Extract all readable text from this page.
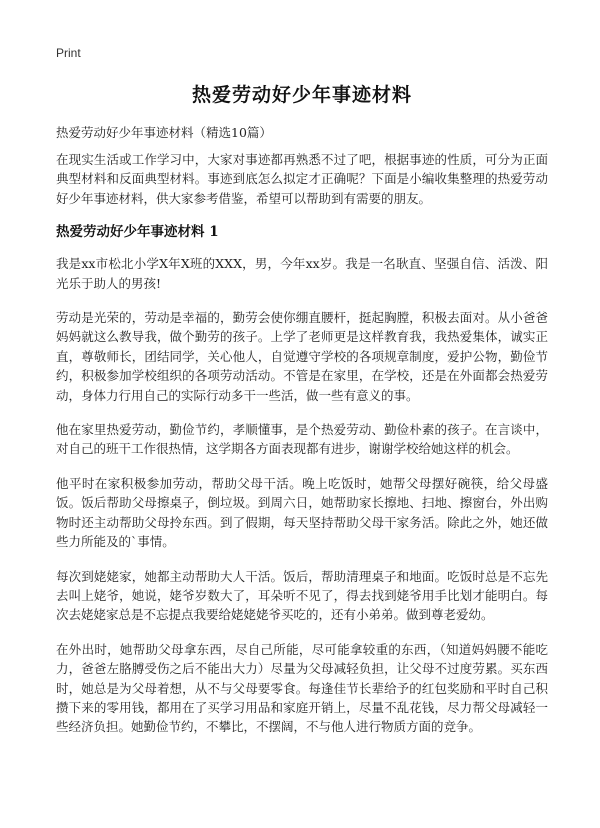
Print
热爱劳动好少年事迹材料

热爱劳动好少年事迹材料（精选10篇）

在现实生活或工作学习中，大家对事迹都再熟悉不过了吧，根据事迹的性质，可分为正面典型材料和反面典型材料。事迹到底怎么拟定才正确呢？下面是小编收集整理的热爱劳动好少年事迹材料，供大家参考借鉴，希望可以帮助到有需要的朋友。

热爱劳动好少年事迹材料 1

我是xx市松北小学X年X班的XXX，男，今年xx岁。我是一名耿直、坚强自信、活泼、阳光乐于助人的男孩!

劳动是光荣的，劳动是幸福的，勤劳会使你绷直腰杆，挺起胸膛，积极去面对。从小爸爸妈妈就这么教导我，做个勤劳的孩子。上学了老师更是这样教育我，我热爱集体，诚实正直，尊敬师长，团结同学，关心他人，自觉遵守学校的各项规章制度，爱护公物，勤俭节约，积极参加学校组织的各项劳动活动。不管是在家里，在学校，还是在外面都会热爱劳动，身体力行用自己的实际行动多干一些活，做一些有意义的事。

他在家里热爱劳动，勤俭节约，孝顺懂事，是个热爱劳动、勤俭朴素的孩子。在言谈中，对自己的班干工作很热情，这学期各方面表现都有进步，谢谢学校给她这样的机会。

他平时在家积极参加劳动，帮助父母干活。晚上吃饭时，她帮父母摆好碗筷，给父母盛饭。饭后帮助父母擦桌子，倒垃圾。到周六日，她帮助家长擦地、扫地、擦窗台，外出购物时还主动帮助父母拎东西。到了假期，每天坚持帮助父母干家务活。除此之外，她还做些力所能及的`事情。

每次到姥姥家，她都主动帮助大人干活。饭后，帮助清理桌子和地面。吃饭时总是不忘先去叫上姥爷，她说，姥爷岁数大了，耳朵听不见了，得去找到姥爷用手比划才能明白。每次去姥姥家总是不忘提点我要给姥姥姥爷买吃的，还有小弟弟。做到尊老爱幼。

在外出时，她帮助父母拿东西，尽自己所能，尽可能拿较重的东西，（知道妈妈腰不能吃力，爸爸左胳膊受伤之后不能出大力）尽量为父母减轻负担，让父母不过度劳累。买东西时，她总是为父母着想，从不与父母要零食。每逢佳节长辈给予的红包奖励和平时自己积攒下来的零用钱，都用在了买学习用品和家庭开销上，尽量不乱花钱，尽力帮父母减轻一些经济负担。她勤俭节约，不攀比，不摆阔，不与他人进行物质方面的竞争。
